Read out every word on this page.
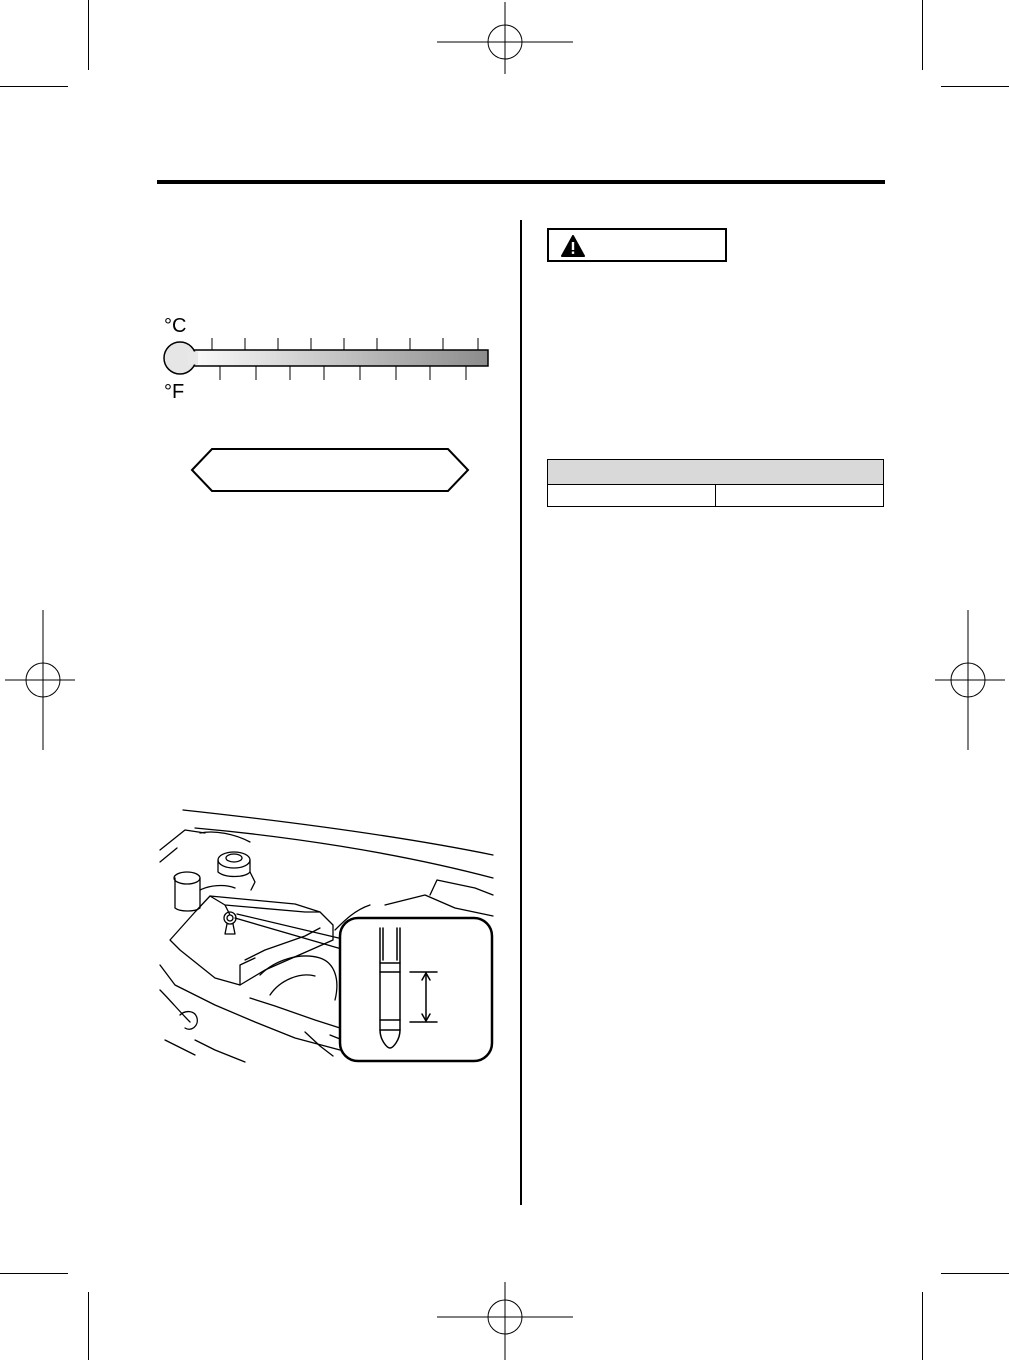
°C
°F
